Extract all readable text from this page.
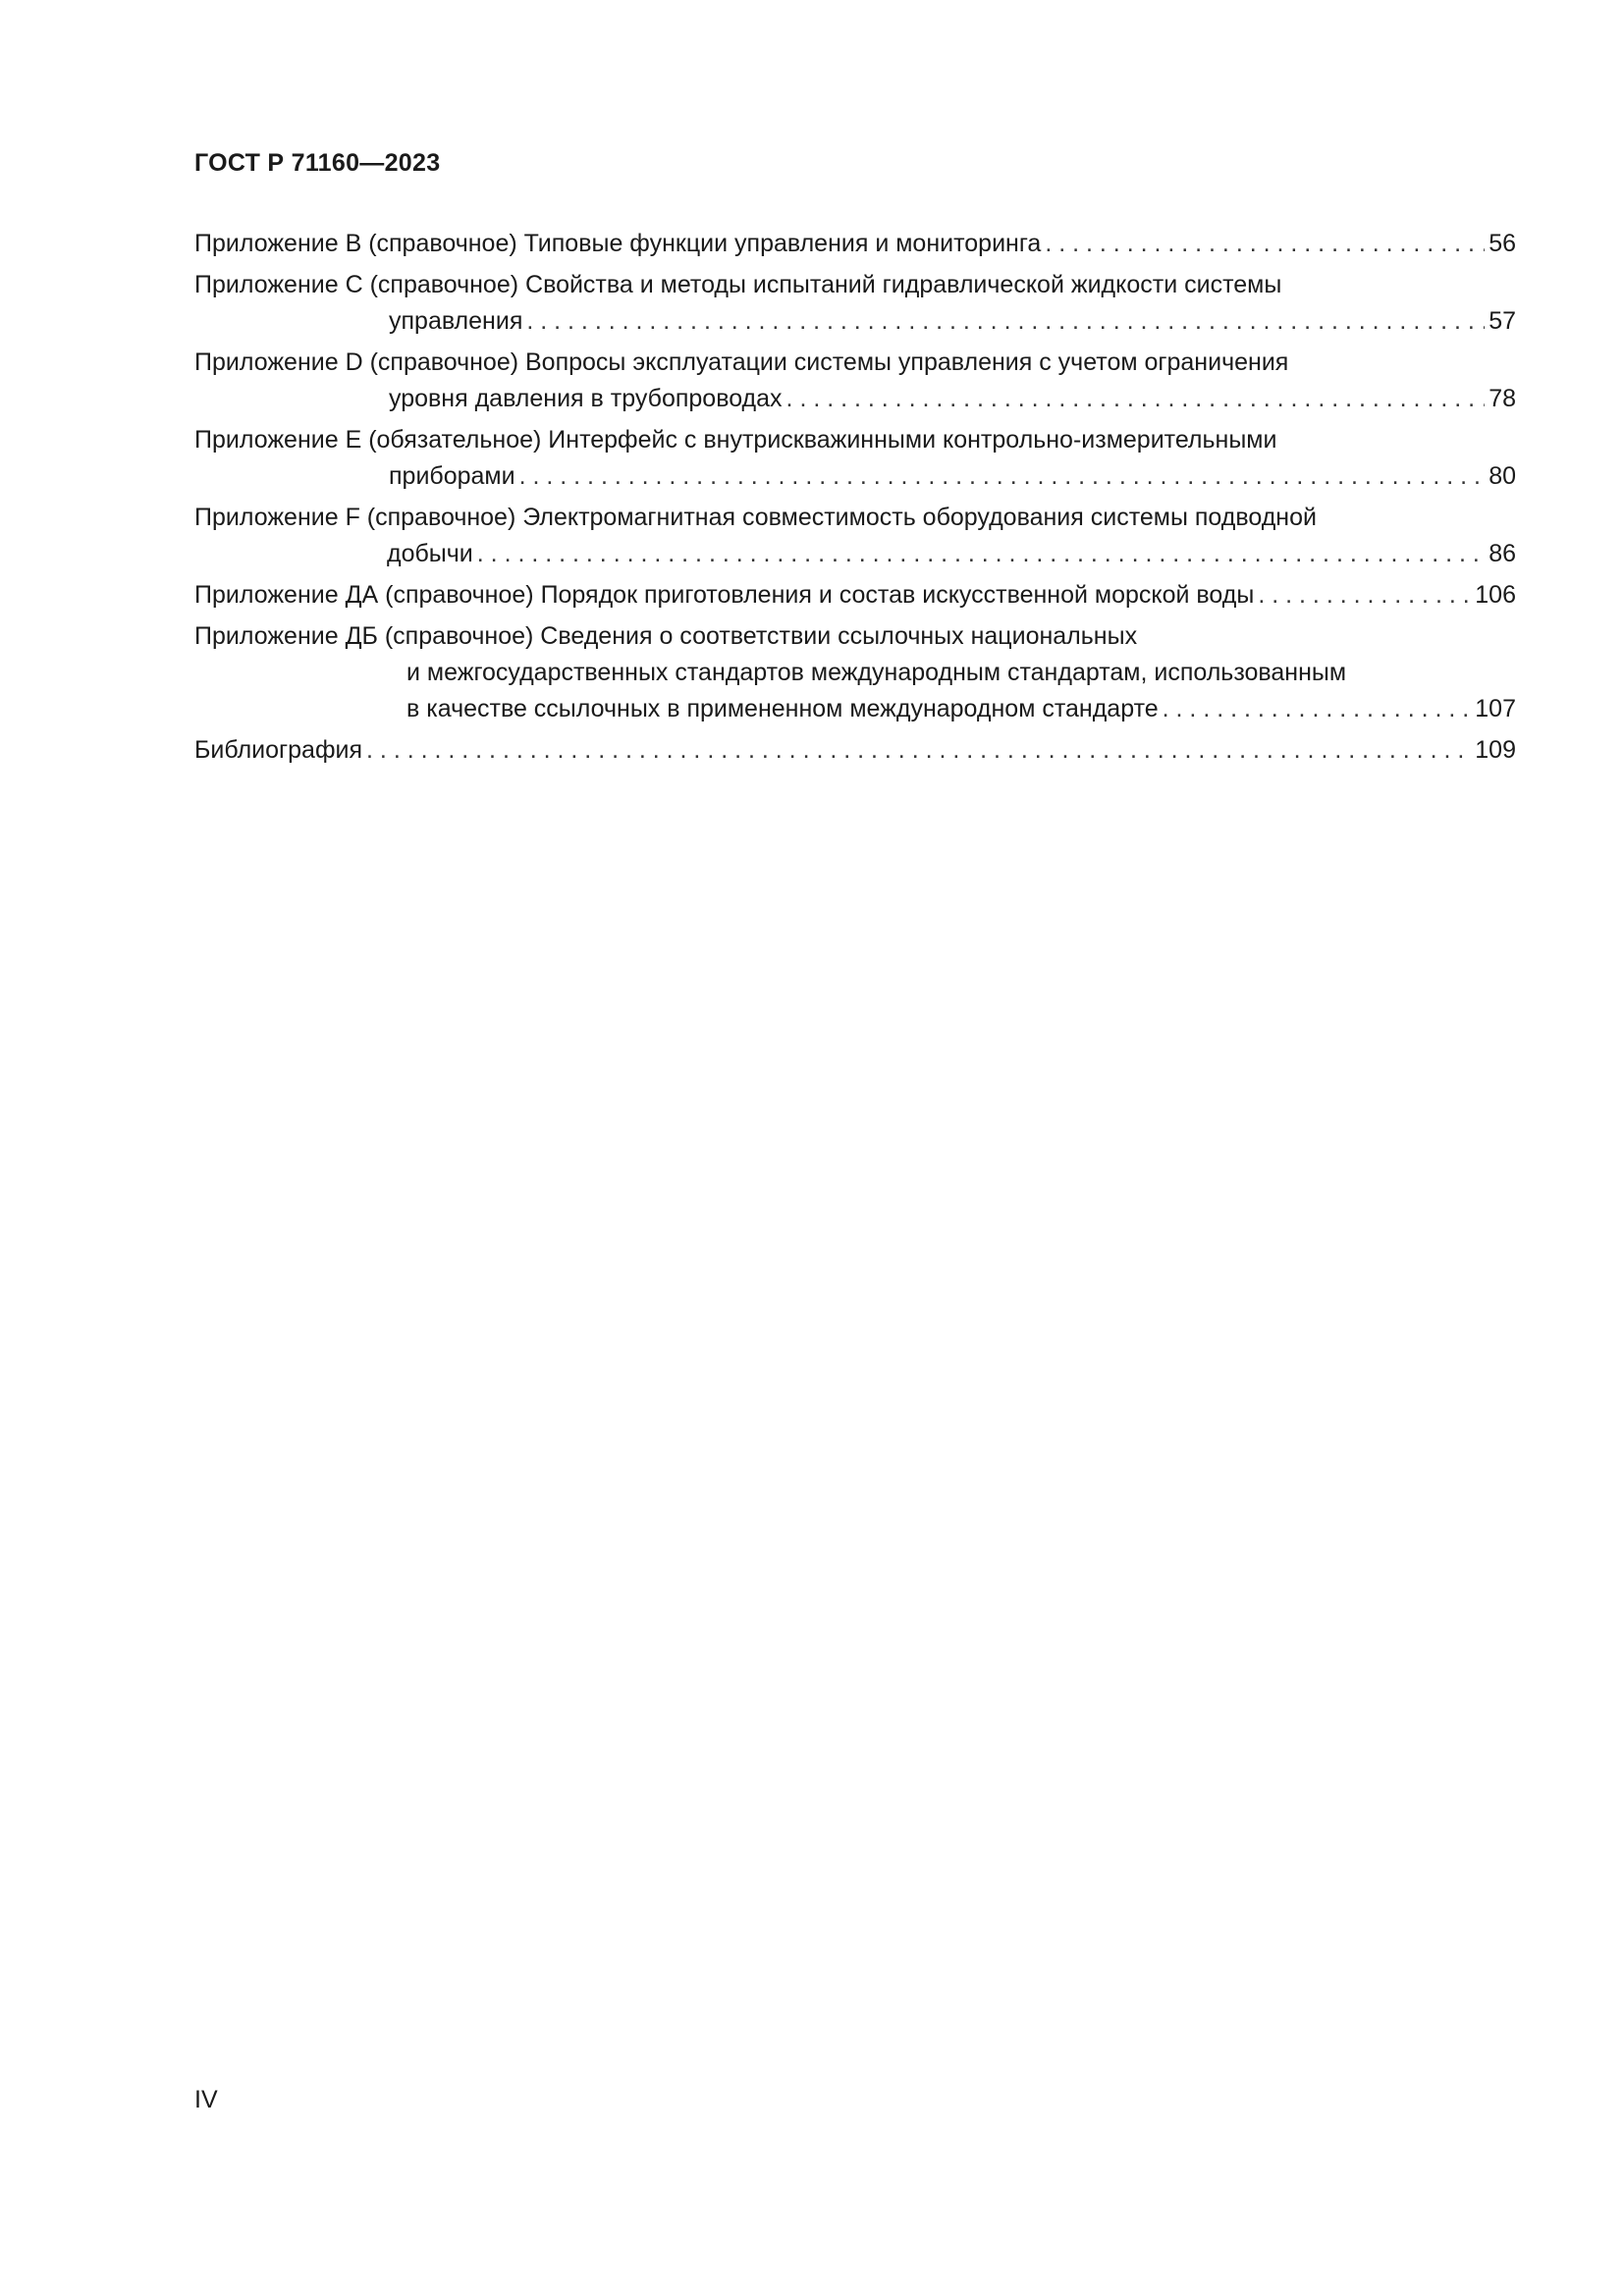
ГОСТ Р 71160—2023
Приложение В (справочное) Типовые функции управления и мониторинга . . .	56
Приложение С (справочное) Свойства и методы испытаний гидравлической жидкости системы
управления . . .	57
Приложение D (справочное) Вопросы эксплуатации системы управления с учетом ограничения
уровня давления в трубопроводах . . .	78
Приложение Е (обязательное) Интерфейс с внутрискважинными контрольно-измерительными
приборами . . .	80
Приложение F (справочное) Электромагнитная совместимость оборудования системы подводной
добычи . . .	86
Приложение ДА (справочное) Порядок приготовления и состав искусственной морской воды . . .	106
Приложение ДБ (справочное) Сведения о соответствии ссылочных национальных
и межгосударственных стандартов международным стандартам, использованным
в качестве ссылочных в примененном международном стандарте . . .	107
Библиография . . .	109
IV
